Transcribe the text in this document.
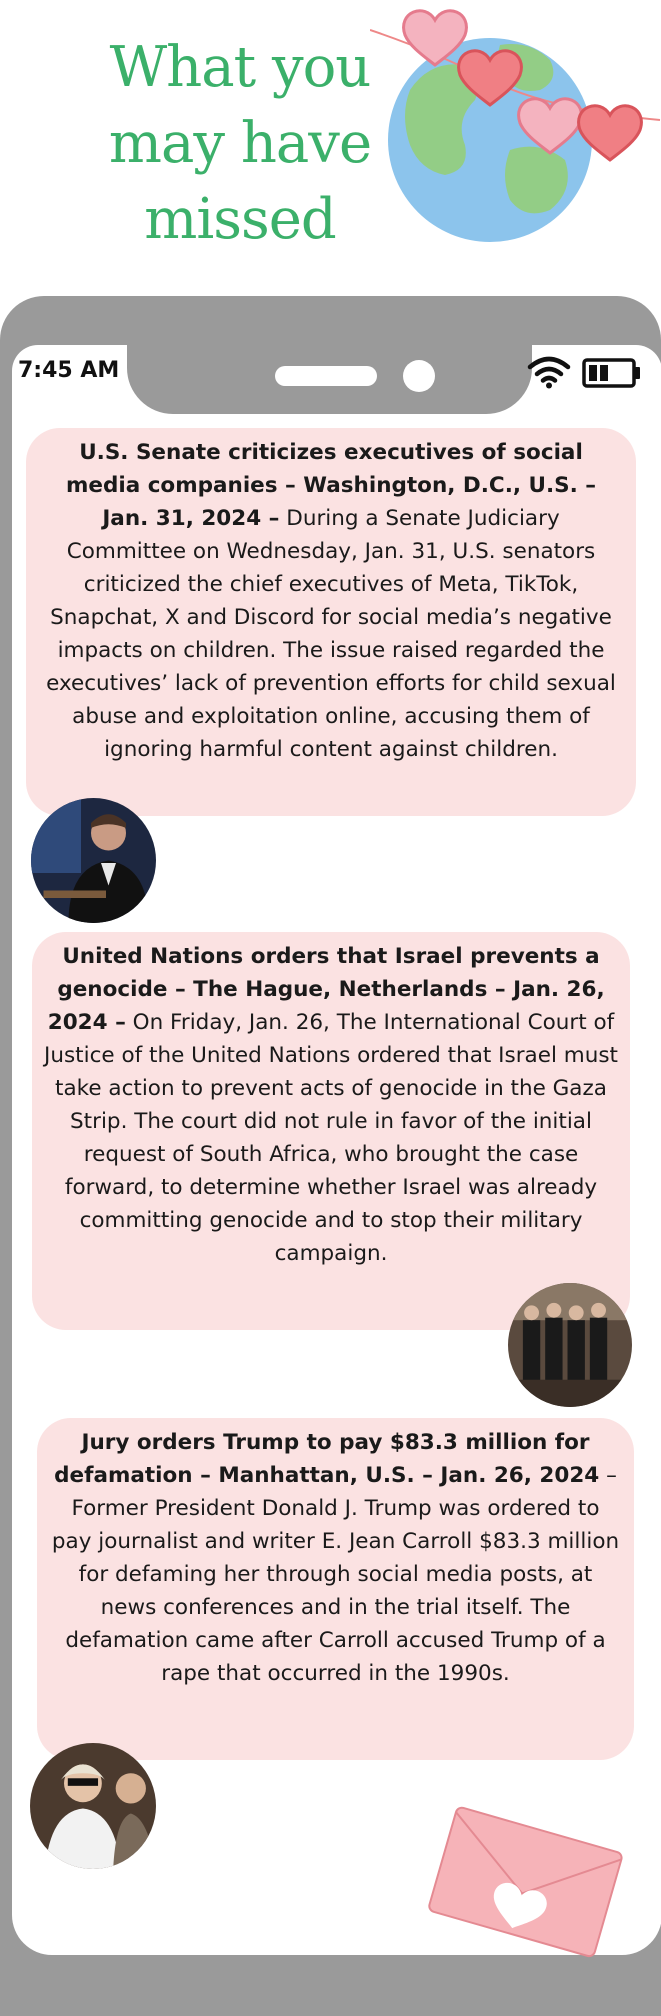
What you
may have
missed
7:45 AM
U.S. Senate criticizes executives of social media companies – Washington, D.C., U.S. – Jan. 31, 2024 – During a Senate Judiciary Committee on Wednesday, Jan. 31, U.S. senators criticized the chief executives of Meta, TikTok, Snapchat, X and Discord for social media’s negative impacts on children. The issue raised regarded the executives’ lack of prevention efforts for child sexual abuse and exploitation online, accusing them of ignoring harmful content against children.
United Nations orders that Israel prevents a genocide – The Hague, Netherlands – Jan. 26, 2024 – On Friday, Jan. 26, The International Court of Justice of the United Nations ordered that Israel must take action to prevent acts of genocide in the Gaza Strip. The court did not rule in favor of the initial request of South Africa, who brought the case forward, to determine whether Israel was already committing genocide and to stop their military campaign.
Jury orders Trump to pay $83.3 million for defamation – Manhattan, U.S. – Jan. 26, 2024 – Former President Donald J. Trump was ordered to pay journalist and writer E. Jean Carroll $83.3 million for defaming her through social media posts, at news conferences and in the trial itself. The defamation came after Carroll accused Trump of a rape that occurred in the 1990s.
